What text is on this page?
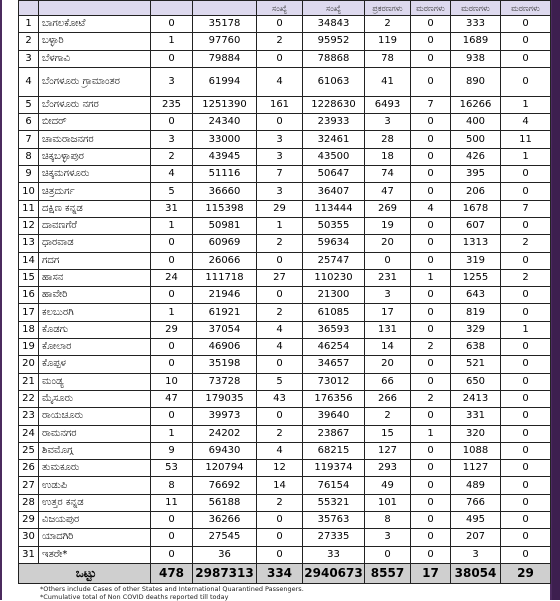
				ಸಂಖ್ಯೆ	ಸಂಖ್ಯೆ	ಪ್ರಕರಣಗಳು	ಮರಣಗಳು	ಮರಣಗಳು	ಮರಣಗಳು
1	ಬಾಗಲಕೋಟೆ	0	35178	0	34843	2	0	333	0
2	ಬಳ್ಳಾರಿ	1	97760	2	95952	119	0	1689	0
3	ಬೆಳಗಾವಿ	0	79884	0	78868	78	0	938	0
4	ಬೆಂಗಳೂರು ಗ್ರಾಮಾಂತರ	3	61994	4	61063	41	0	890	0
5	ಬೆಂಗಳೂರು ನಗರ	235	1251390	161	1228630	6493	7	16266	1
6	ಬೀದರ್	0	24340	0	23933	3	0	400	4
7	ಚಾಮರಾಜನಗರ	3	33000	3	32461	28	0	500	11
8	ಚಿಕ್ಕಬಳ್ಳಾಪುರ	2	43945	3	43500	18	0	426	1
9	ಚಿಕ್ಕಮಗಳೂರು	4	51116	7	50647	74	0	395	0
10	ಚಿತ್ರದುರ್ಗ	5	36660	3	36407	47	0	206	0
11	ದಕ್ಷಿಣ ಕನ್ನಡ	31	115398	29	113444	269	4	1678	7
12	ದಾವಣಗೆರೆ	1	50981	1	50355	19	0	607	0
13	ಧಾರವಾಡ	0	60969	2	59634	20	0	1313	2
14	ಗದಗ	0	26066	0	25747	0	0	319	0
15	ಹಾಸನ	24	111718	27	110230	231	1	1255	2
16	ಹಾವೇರಿ	0	21946	0	21300	3	0	643	0
17	ಕಲಬುರಗಿ	1	61921	2	61085	17	0	819	0
18	ಕೊಡಗು	29	37054	4	36593	131	0	329	1
19	ಕೋಲಾರ	0	46906	4	46254	14	2	638	0
20	ಕೊಪ್ಪಳ	0	35198	0	34657	20	0	521	0
21	ಮಂಡ್ಯ	10	73728	5	73012	66	0	650	0
22	ಮೈಸೂರು	47	179035	43	176356	266	2	2413	0
23	ರಾಯಚೂರು	0	39973	0	39640	2	0	331	0
24	ರಾಮನಗರ	1	24202	2	23867	15	1	320	0
25	ಶಿವಮೊಗ್ಗ	9	69430	4	68215	127	0	1088	0
26	ತುಮಕೂರು	53	120794	12	119374	293	0	1127	0
27	ಉಡುಪಿ	8	76692	14	76154	49	0	489	0
28	ಉತ್ತರ ಕನ್ನಡ	11	56188	2	55321	101	0	766	0
29	ವಿಜಯಪುರ	0	36266	0	35763	8	0	495	0
30	ಯಾದಗಿರಿ	0	27545	0	27335	3	0	207	0
31	ಇತರೇ*	0	36	0	33	0	0	3	0
ಒಟ್ಟು		478	2987313	334	2940673	8557	17	38054	29
*Others include Cases of other States and International Quarantined Passengers.
*Cumulative total of Non COVID deaths reported till today
